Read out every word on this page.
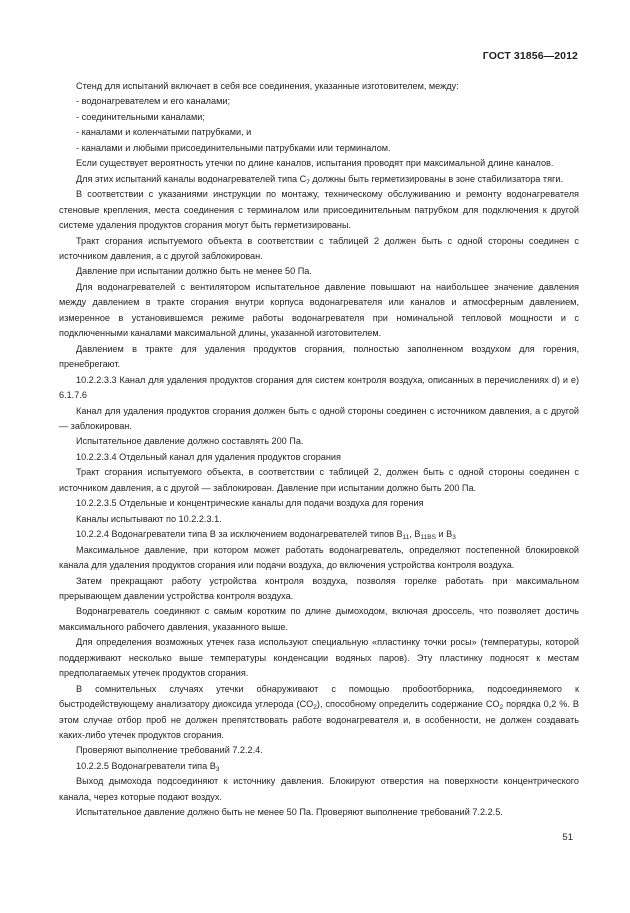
ГОСТ 31856—2012

Стенд для испытаний включает в себя все соединения, указанные изготовителем, между:

- водонагревателем и его каналами;

- соединительными каналами;

- каналами и коленчатыми патрубками, и

- каналами и любыми присоединительными патрубками или терминалом.

Если существует вероятность утечки по длине каналов, испытания проводят при максимальной длине каналов.

Для этих испытаний каналы водонагревателей типа $C_7$ должны быть герметизированы в зоне стабилизатора тяги.

В соответствии с указаниями инструкции по монтажу, техническому обслуживанию и ремонту водонагревателя стеновые крепления, места соединения с терминалом или присоединительным патрубком для подключения к другой системе удаления продуктов сгорания могут быть герметизированы.

Тракт сгорания испытуемого объекта в соответствии с таблицей 2 должен быть с одной стороны соединен с источником давления, а с другой заблокирован.

Давление при испытании должно быть не менее 50 Па.

Для водонагревателей с вентилятором испытательное давление повышают на наибольшее значение давления между давлением в тракте сгорания внутри корпуса водонагревателя или каналов и атмосферным давлением, измеренное в установившемся режиме работы водонагревателя при номинальной тепловой мощности и с подключенными каналами максимальной длины, указанной изготовителем.

Давлением в тракте для удаления продуктов сгорания, полностью заполненном воздухом для горения, пренебрегают.

10.2.2.3.3 Канал для удаления продуктов сгорания для систем контроля воздуха, описанных в перечислениях d) и e) 6.1.7.6

Канал для удаления продуктов сгорания должен быть с одной стороны соединен с источником давления, а с другой — заблокирован.

Испытательное давление должно составлять 200 Па.

10.2.2.3.4 Отдельный канал для удаления продуктов сгорания

Тракт сгорания испытуемого объекта, в соответствии с таблицей 2, должен быть с одной стороны соединен с источником давления, а с другой — заблокирован. Давление при испытании должно быть 200 Па.

10.2.2.3.5 Отдельные и концентрические каналы для подачи воздуха для горения

Каналы испытывают по 10.2.2.3.1.

10.2.2.4 Водонагреватели типа B за исключением водонагревателей типов $B_{11}$, $B_{11BS}$ и $B_3$

Максимальное давление, при котором может работать водонагреватель, определяют постепенной блокировкой канала для удаления продуктов сгорания или подачи воздуха, до включения устройства контроля воздуха.

Затем прекращают работу устройства контроля воздуха, позволяя горелке работать при максимальном прерывающем давлении устройства контроля воздуха.

Водонагреватель соединяют с самым коротким по длине дымоходом, включая дроссель, что позволяет достичь максимального рабочего давления, указанного выше.

Для определения возможных утечек газа используют специальную «пластинку точки росы» (температуры, которой поддерживают несколько выше температуры конденсации водяных паров). Эту пластинку подносят к местам предполагаемых утечек продуктов сгорания.

В сомнительных случаях утечки обнаруживают с помощью пробоотборника, подсоединяемого к быстродействующему анализатору диоксида углерода $(CO_2)$, способному определить содержание $CO_2$ порядка 0,2 %. В этом случае отбор проб не должен препятствовать работе водонагревателя и, в особенности, не должен создавать каких-либо утечек продуктов сгорания.

Проверяют выполнение требований 7.2.2.4.

10.2.2.5 Водонагреватели типа $B_3$

Выход дымохода подсоединяют к источнику давления. Блокируют отверстия на поверхности концентрического канала, через которые подают воздух.

Испытательное давление должно быть не менее 50 Па. Проверяют выполнение требований 7.2.2.5.

51
